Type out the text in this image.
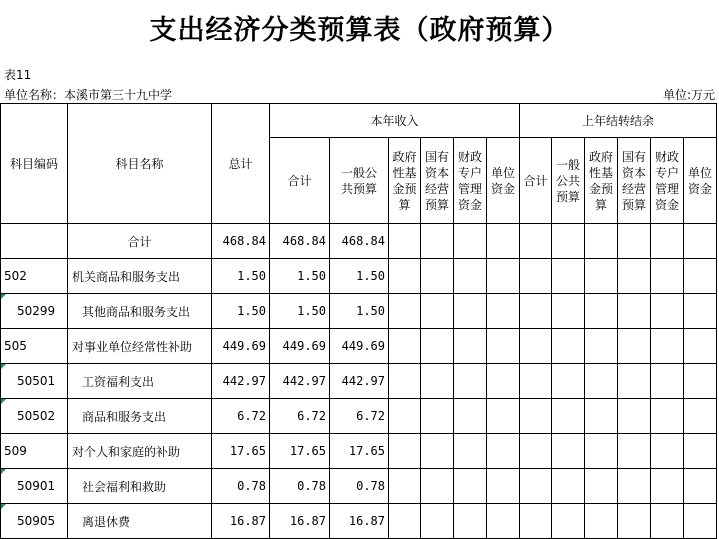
支出经济分类预算表（政府预算）
表11
单位名称：本溪市第三十九中学	单位:万元
科目编码	科目名称	总计	本年收入						上年结转结余					
			合计	一般公共预算	政府性基金预算	国有资本经营预算	财政专户管理资金	单位资金	合计	一般公共预算	政府性基金预算	国有资本经营预算	财政专户管理资金	单位资金
	合计	468.84	468.84	468.84										
502	机关商品和服务支出	1.50	1.50	1.50										

50299	其他商品和服务支出	1.50	1.50	1.50										
505	对事业单位经常性补助	449.69	449.69	449.69										

50501	工资福利支出	442.97	442.97	442.97										

50502	商品和服务支出	6.72	6.72	6.72										
509	对个人和家庭的补助	17.65	17.65	17.65										

50901	社会福利和救助	0.78	0.78	0.78										

50905	离退休费	16.87	16.87	16.87										
